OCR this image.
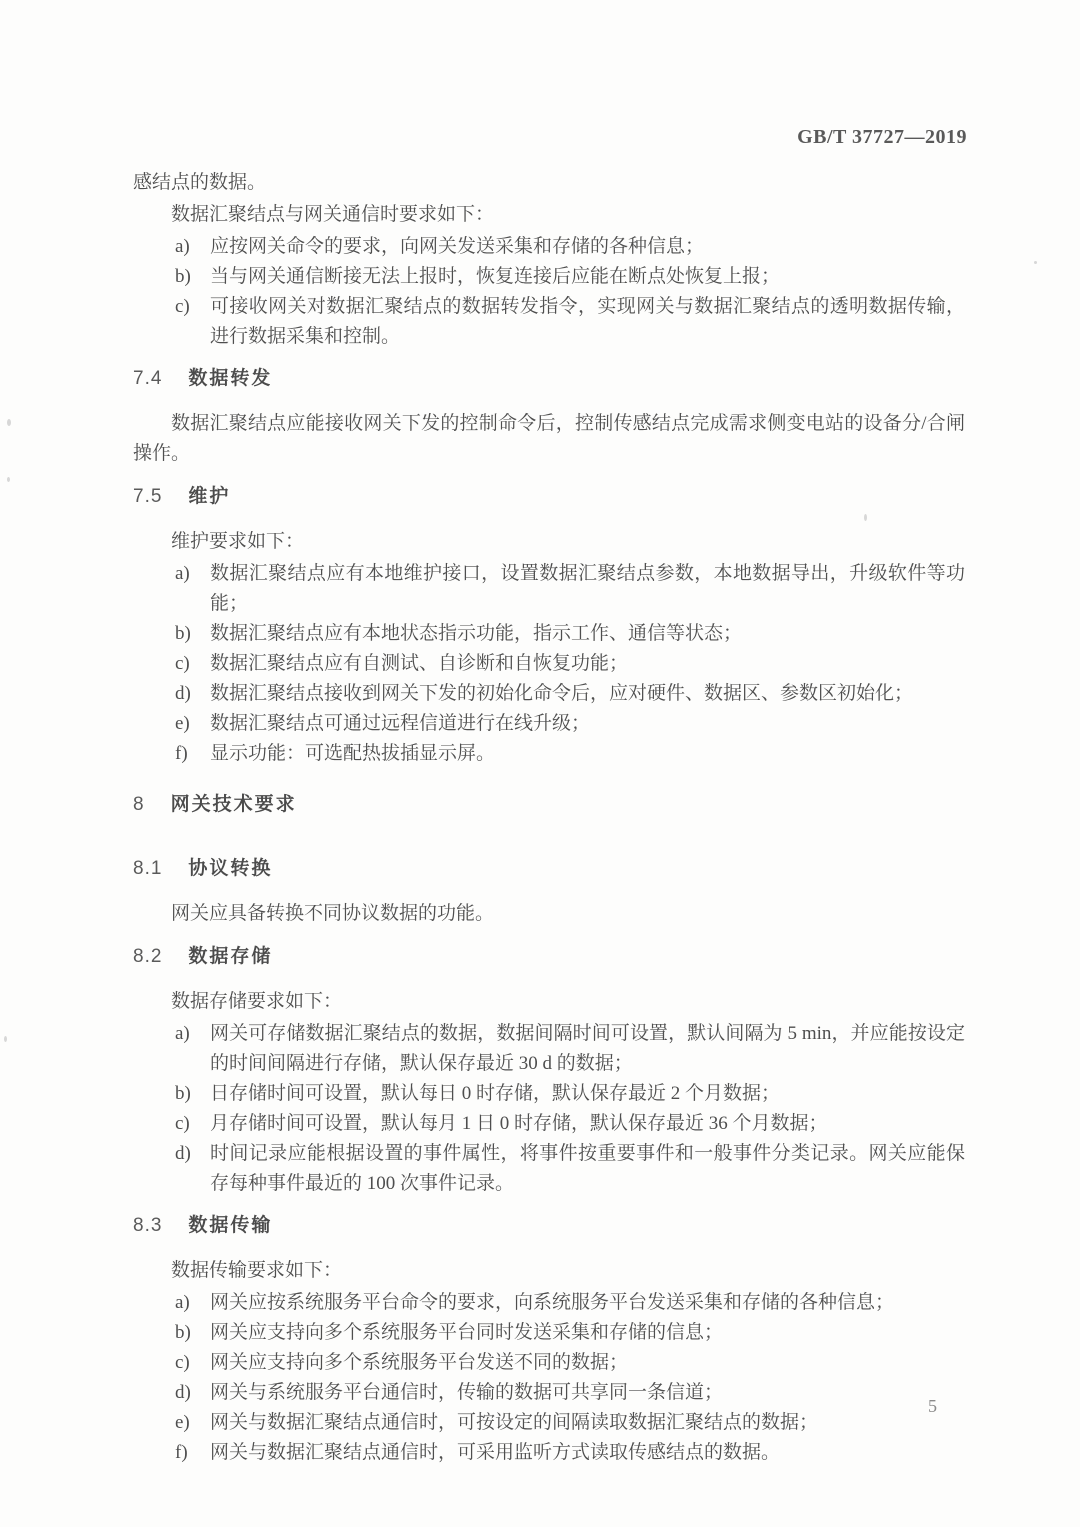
GB/T 37727—2019

感结点的数据。

数据汇聚结点与网关通信时要求如下：

a) 应按网关命令的要求，向网关发送采集和存储的各种信息；
b) 当与网关通信断接无法上报时，恢复连接后应能在断点处恢复上报；
c) 可接收网关对数据汇聚结点的数据转发指令，实现网关与数据汇聚结点的透明数据传输，进行数据采集和控制。
7.4 数据转发

数据汇聚结点应能接收网关下发的控制命令后，控制传感结点完成需求侧变电站的设备分/合闸操作。

7.5 维护

维护要求如下：

a) 数据汇聚结点应有本地维护接口，设置数据汇聚结点参数，本地数据导出，升级软件等功能；
b) 数据汇聚结点应有本地状态指示功能，指示工作、通信等状态；
c) 数据汇聚结点应有自测试、自诊断和自恢复功能；
d) 数据汇聚结点接收到网关下发的初始化命令后，应对硬件、数据区、参数区初始化；
e) 数据汇聚结点可通过远程信道进行在线升级；
f) 显示功能：可选配热拔插显示屏。
8 网关技术要求
8.1 协议转换

网关应具备转换不同协议数据的功能。

8.2 数据存储

数据存储要求如下：

a) 网关可存储数据汇聚结点的数据，数据间隔时间可设置，默认间隔为 5 min，并应能按设定的时间间隔进行存储，默认保存最近 30 d 的数据；
b) 日存储时间可设置，默认每日 0 时存储，默认保存最近 2 个月数据；
c) 月存储时间可设置，默认每月 1 日 0 时存储，默认保存最近 36 个月数据；
d) 时间记录应能根据设置的事件属性，将事件按重要事件和一般事件分类记录。网关应能保存每种事件最近的 100 次事件记录。
8.3 数据传输

数据传输要求如下：

a) 网关应按系统服务平台命令的要求，向系统服务平台发送采集和存储的各种信息；
b) 网关应支持向多个系统服务平台同时发送采集和存储的信息；
c) 网关应支持向多个系统服务平台发送不同的数据；
d) 网关与系统服务平台通信时，传输的数据可共享同一条信道；
e) 网关与数据汇聚结点通信时，可按设定的间隔读取数据汇聚结点的数据；
f) 网关与数据汇聚结点通信时，可采用监听方式读取传感结点的数据。
5
